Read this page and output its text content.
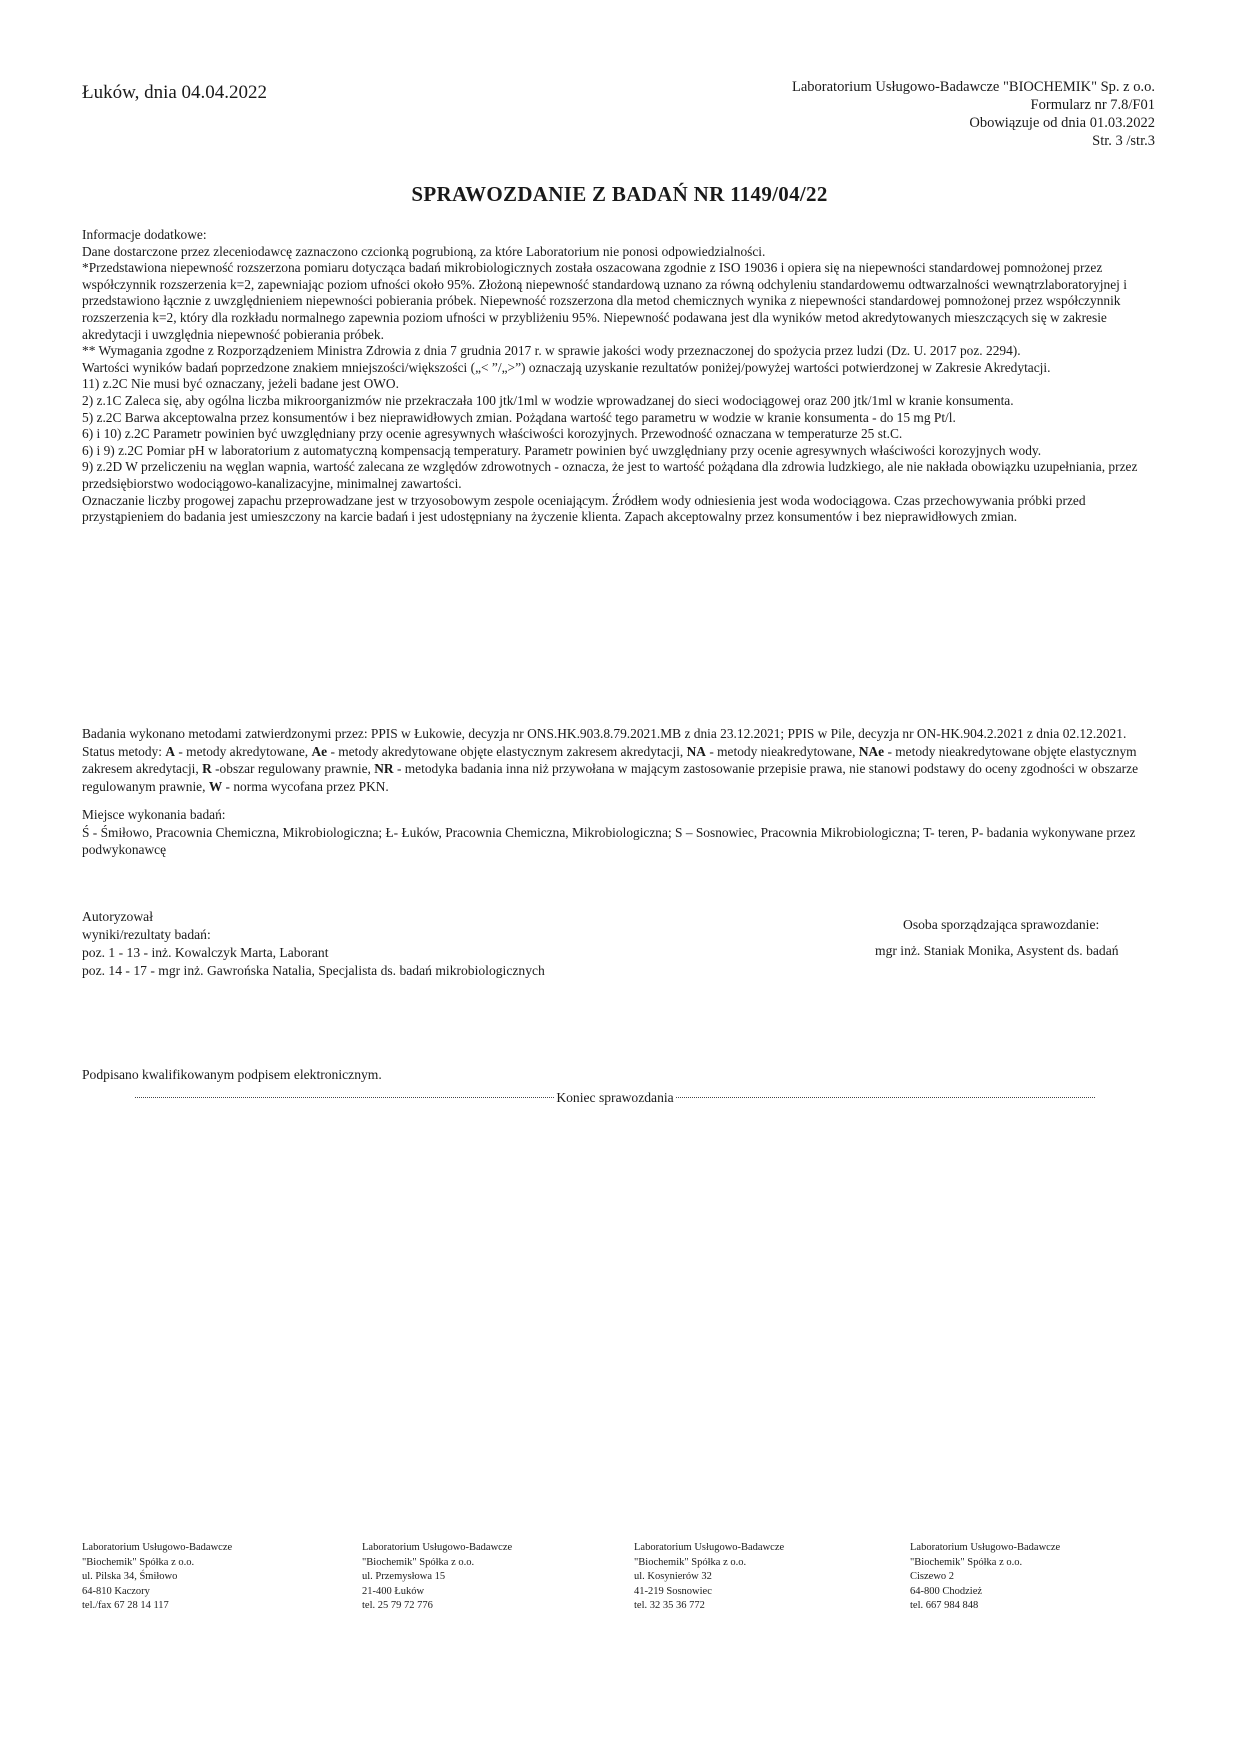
Łuków, dnia 04.04.2022	Laboratorium Usługowo-Badawcze "BIOCHEMIK" Sp. z o.o.
Formularz nr 7.8/F01
Obowiązuje od dnia 01.03.2022
Str. 3 /str.3
SPRAWOZDANIE Z BADAŃ NR 1149/04/22

Informacje dodatkowe:

Dane dostarczone przez zleceniodawcę zaznaczono czcionką pogrubioną, za które Laboratorium nie ponosi odpowiedzialności.

*Przedstawiona niepewność rozszerzona pomiaru dotycząca badań mikrobiologicznych została oszacowana zgodnie z ISO 19036 i opiera się na niepewności standardowej pomnożonej przez współczynnik rozszerzenia k=2, zapewniając poziom ufności około 95%. Złożoną niepewność standardową uznano za równą odchyleniu standardowemu odtwarzalności wewnątrzlaboratoryjnej i przedstawiono łącznie z uwzględnieniem niepewności pobierania próbek. Niepewność rozszerzona dla metod chemicznych wynika z niepewności standardowej pomnożonej przez współczynnik rozszerzenia k=2, który dla rozkładu normalnego zapewnia poziom ufności w przybliżeniu 95%. Niepewność podawana jest dla wyników metod akredytowanych mieszczących się w zakresie akredytacji i uwzględnia niepewność pobierania próbek.

** Wymagania zgodne z Rozporządzeniem Ministra Zdrowia z dnia 7 grudnia 2017 r. w sprawie jakości wody przeznaczonej do spożycia przez ludzi (Dz. U. 2017 poz. 2294).

Wartości wyników badań poprzedzone znakiem mniejszości/większości („< ”/„>”) oznaczają uzyskanie rezultatów poniżej/powyżej wartości potwierdzonej w Zakresie Akredytacji.

11) z.2C Nie musi być oznaczany, jeżeli badane jest OWO.

2) z.1C Zaleca się, aby ogólna liczba mikroorganizmów nie przekraczała 100 jtk/1ml w wodzie wprowadzanej do sieci wodociągowej oraz 200 jtk/1ml w kranie konsumenta.

5) z.2C Barwa akceptowalna przez konsumentów i bez nieprawidłowych zmian. Pożądana wartość tego parametru w wodzie w kranie konsumenta - do 15 mg Pt/l.

6) i 10) z.2C Parametr powinien być uwzględniany przy ocenie agresywnych właściwości korozyjnych. Przewodność oznaczana w temperaturze 25 st.C.

6) i 9) z.2C Pomiar pH w laboratorium z automatyczną kompensacją temperatury. Parametr powinien być uwzględniany przy ocenie agresywnych właściwości korozyjnych wody.

9) z.2D W przeliczeniu na węglan wapnia, wartość zalecana ze względów zdrowotnych - oznacza, że jest to wartość pożądana dla zdrowia ludzkiego, ale nie nakłada obowiązku uzupełniania, przez przedsiębiorstwo wodociągowo-kanalizacyjne, minimalnej zawartości.

Oznaczanie liczby progowej zapachu przeprowadzane jest w trzyosobowym zespole oceniającym. Źródłem wody odniesienia jest woda wodociągowa. Czas przechowywania próbki przed przystąpieniem do badania jest umieszczony na karcie badań i jest udostępniany na życzenie klienta. Zapach akceptowalny przez konsumentów i bez nieprawidłowych zmian.

Badania wykonano metodami zatwierdzonymi przez: PPIS w Łukowie, decyzja nr ONS.HK.903.8.79.2021.MB z dnia 23.12.2021; PPIS w Pile, decyzja nr ON-HK.904.2.2021 z dnia 02.12.2021.

Status metody: A - metody akredytowane, Ae - metody akredytowane objęte elastycznym zakresem akredytacji, NA - metody nieakredytowane, NAe - metody nieakredytowane objęte elastycznym zakresem akredytacji, R -obszar regulowany prawnie, NR - metodyka badania inna niż przywołana w mającym zastosowanie przepisie prawa, nie stanowi podstawy do oceny zgodności w obszarze regulowanym prawnie, W - norma wycofana przez PKN.

Miejsce wykonania badań:

Ś - Śmiłowo, Pracownia Chemiczna, Mikrobiologiczna; Ł- Łuków, Pracownia Chemiczna, Mikrobiologiczna; S – Sosnowiec, Pracownia Mikrobiologiczna; T- teren, P- badania wykonywane przez podwykonawcę

Autoryzował

wyniki/rezultaty badań:

poz. 1 - 13 - inż. Kowalczyk Marta, Laborant

poz. 14 - 17 - mgr inż. Gawrońska Natalia, Specjalista ds. badań mikrobiologicznych

Osoba sporządzająca sprawozdanie:

mgr inż. Staniak Monika, Asystent ds. badań

Podpisano kwalifikowanym podpisem elektronicznym.
Koniec sprawozdania

Laboratorium Usługowo-Badawcze

"Biochemik" Spółka z o.o.

ul. Pilska 34, Śmiłowo

64-810 Kaczory

tel./fax 67 28 14 117

Laboratorium Usługowo-Badawcze

"Biochemik" Spółka z o.o.

ul. Przemysłowa 15

21-400 Łuków

tel. 25 79 72 776

Laboratorium Usługowo-Badawcze

"Biochemik" Spółka z o.o.

ul. Kosynierów 32

41-219 Sosnowiec

tel. 32 35 36 772

Laboratorium Usługowo-Badawcze

"Biochemik" Spółka z o.o.

Ciszewo 2

64-800 Chodzież

tel. 667 984 848
